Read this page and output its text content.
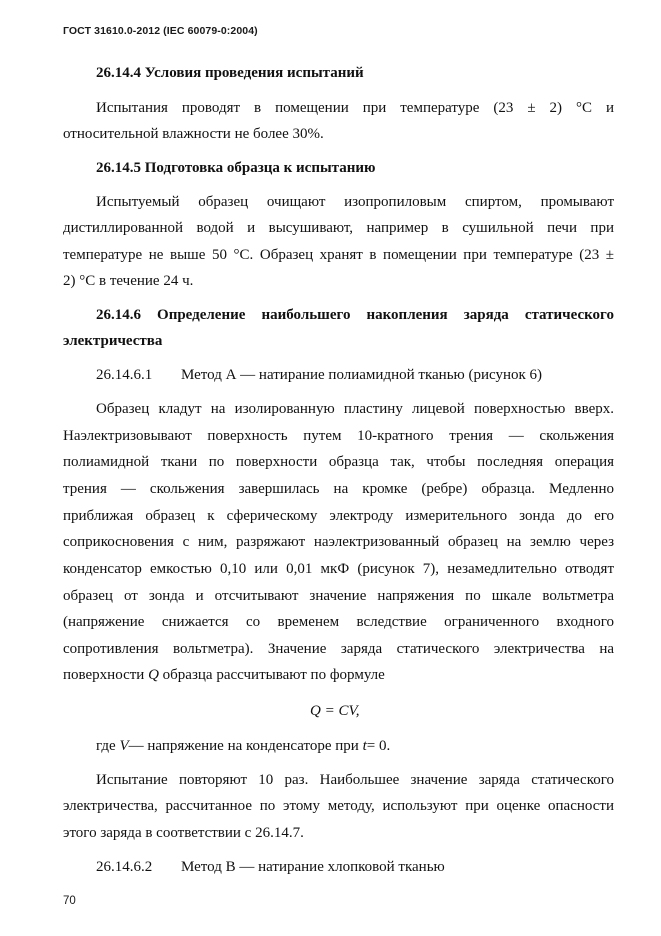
ГОСТ 31610.0-2012 (IEC 60079-0:2004)
26.14.4 Условия проведения испытаний
Испытания проводят в помещении при температуре (23 ± 2) °С и
относительной влажности не более 30%.
26.14.5 Подготовка образца к испытанию
Испытуемый образец очищают изопропиловым спиртом, промывают
дистиллированной водой и высушивают, например в сушильной печи при
температуре не выше 50 °С. Образец хранят в помещении при температуре (23 ±
2) °С в течение 24 ч.
26.14.6 Определение наибольшего накопления заряда статического
электричества
26.14.6.1 Метод А — натирание полиамидной тканью (рисунок 6)
Образец кладут на изолированную пластину лицевой поверхностью вверх.
Наэлектризовывают поверхность путем 10-кратного трения — скольжения
полиамидной ткани по поверхности образца так, чтобы последняя операция
трения — скольжения завершилась на кромке (ребре) образца. Медленно
приближая образец к сферическому электроду измерительного зонда до его
соприкосновения с ним, разряжают наэлектризованный образец на землю через
конденсатор емкостью 0,10 или 0,01 мкФ (рисунок 7), незамедлительно отводят
образец от зонда и отсчитывают значение напряжения по шкале вольтметра
(напряжение снижается со временем вследствие ограниченного входного
сопротивления вольтметра). Значение заряда статического электричества на
поверхности Q образца рассчитывают по формуле
Q = CV,
где V— напряжение на конденсаторе при t= 0.
Испытание повторяют 10 раз. Наибольшее значение заряда статического
электричества, рассчитанное по этому методу, используют при оценке опасности
этого заряда в соответствии с 26.14.7.
26.14.6.2 Метод В — натирание хлопковой тканью
70
